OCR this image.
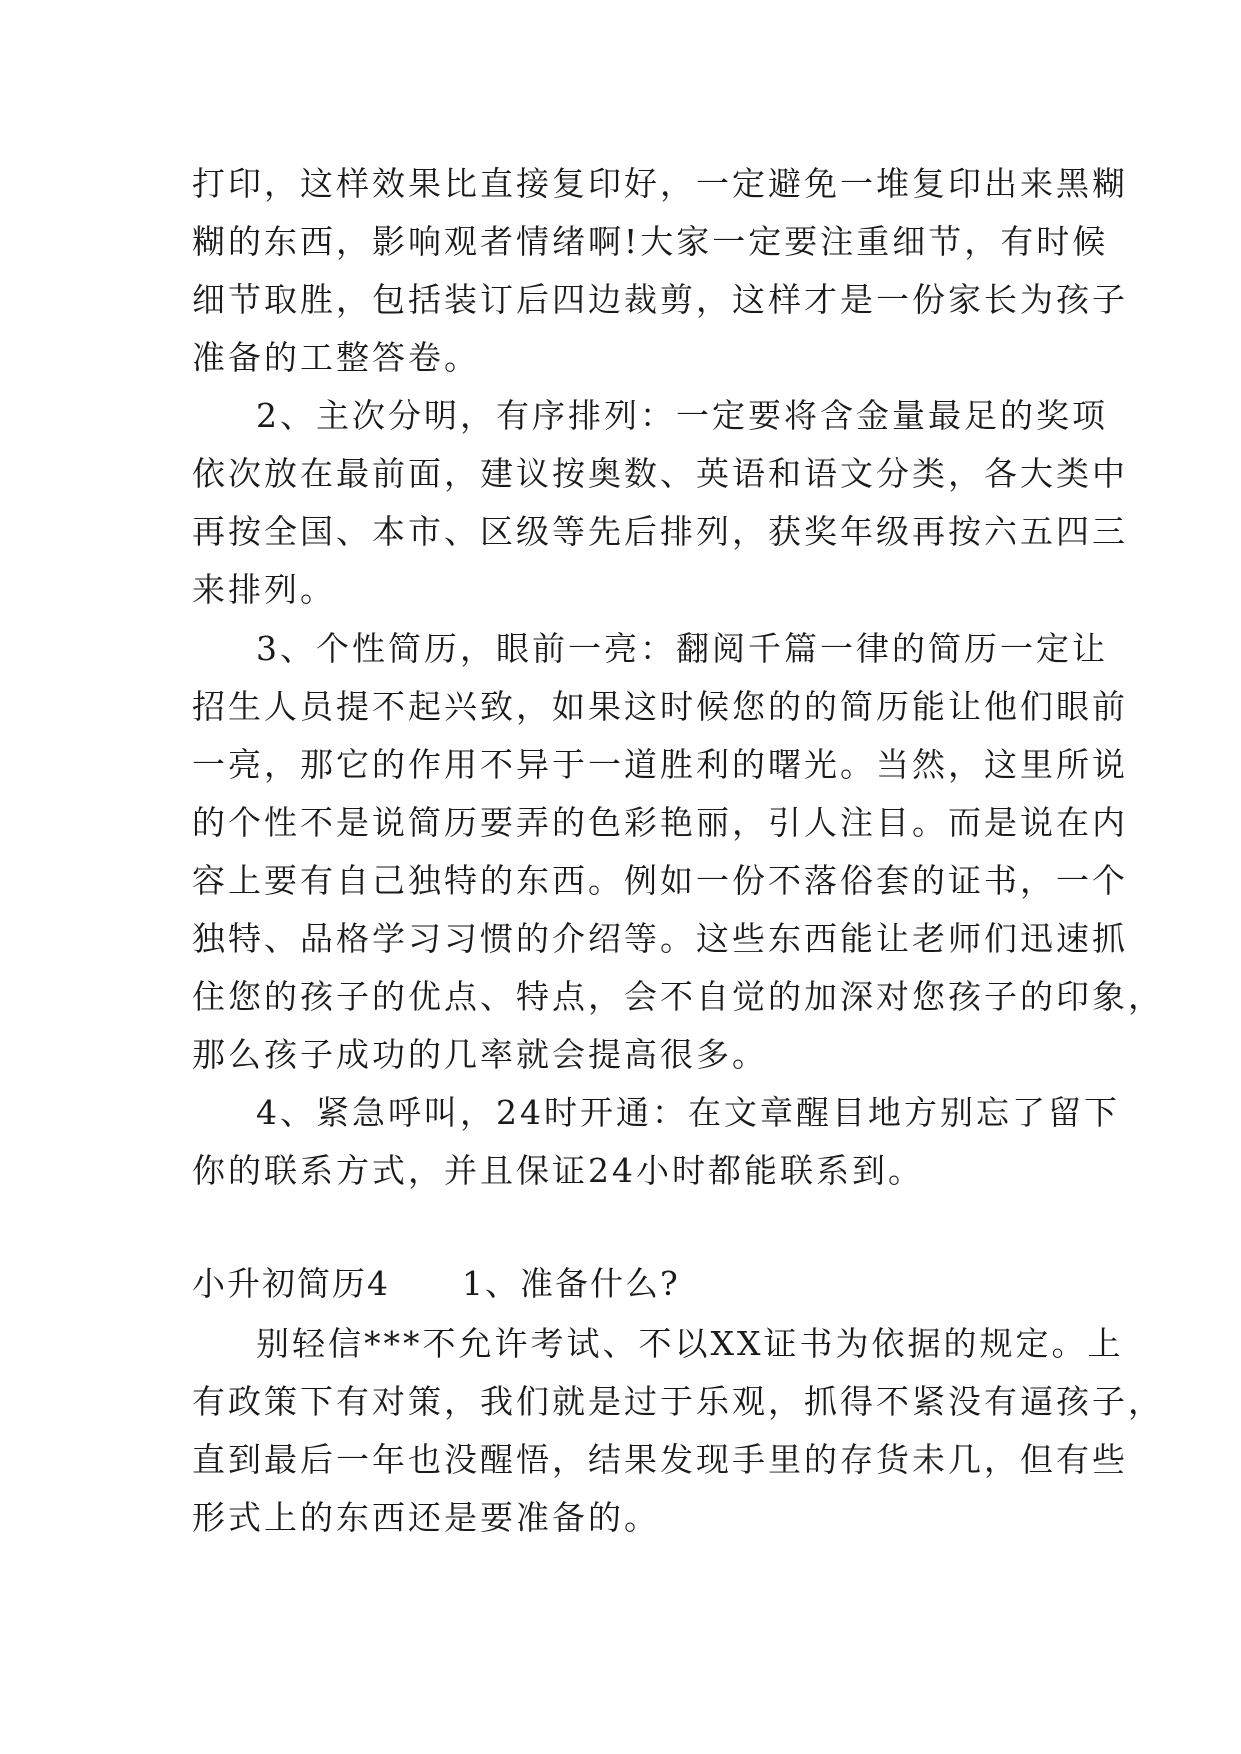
打印，这样效果比直接复印好，一定避免一堆复印出来黑糊
糊的东西，影响观者情绪啊!大家一定要注重细节，有时候
细节取胜，包括装订后四边裁剪，这样才是一份家长为孩子
准备的工整答卷。
2、主次分明，有序排列：一定要将含金量最足的奖项
依次放在最前面，建议按奥数、英语和语文分类，各大类中
再按全国、本市、区级等先后排列，获奖年级再按六五四三
来排列。
3、个性简历，眼前一亮：翻阅千篇一律的简历一定让
招生人员提不起兴致，如果这时候您的的简历能让他们眼前
一亮，那它的作用不异于一道胜利的曙光。当然，这里所说
的个性不是说简历要弄的色彩艳丽，引人注目。而是说在内
容上要有自己独特的东西。例如一份不落俗套的证书，一个
独特、品格学习习惯的介绍等。这些东西能让老师们迅速抓
住您的孩子的优点、特点，会不自觉的加深对您孩子的印象，
那么孩子成功的几率就会提高很多。
4、紧急呼叫，24时开通：在文章醒目地方别忘了留下
你的联系方式，并且保证24小时都能联系到。
小升初简历4 1、准备什么?
别轻信***不允许考试、不以XX证书为依据的规定。上
有政策下有对策，我们就是过于乐观，抓得不紧没有逼孩子，
直到最后一年也没醒悟，结果发现手里的存货未几，但有些
形式上的东西还是要准备的。
